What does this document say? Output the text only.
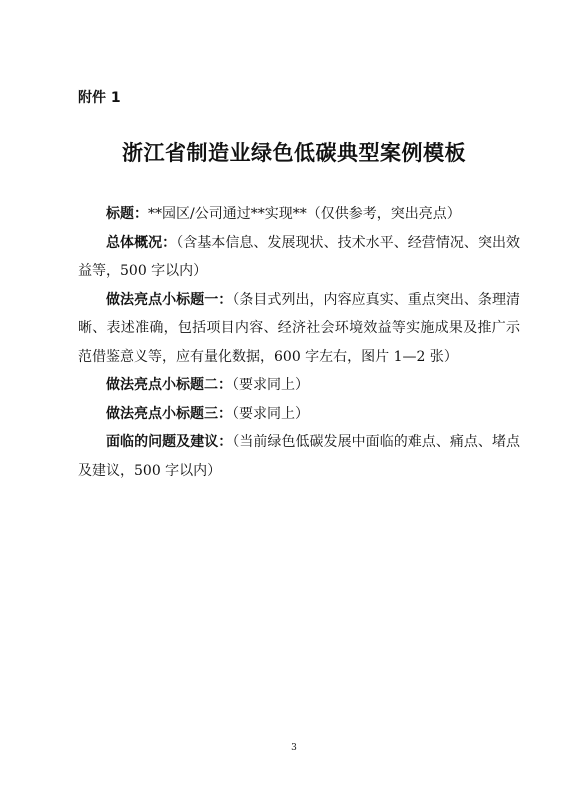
附件 1
浙江省制造业绿色低碳典型案例模板

标题：**园区/公司通过**实现**（仅供参考，突出亮点）

总体概况：（含基本信息、发展现状、技术水平、经营情况、突出效益等，500 字以内）

做法亮点小标题一：（条目式列出，内容应真实、重点突出、条理清晰、表述准确，包括项目内容、经济社会环境效益等实施成果及推广示范借鉴意义等，应有量化数据，600 字左右，图片 1—2 张）

做法亮点小标题二：（要求同上）

做法亮点小标题三：（要求同上）

面临的问题及建议：（当前绿色低碳发展中面临的难点、痛点、堵点及建议，500 字以内）

3
